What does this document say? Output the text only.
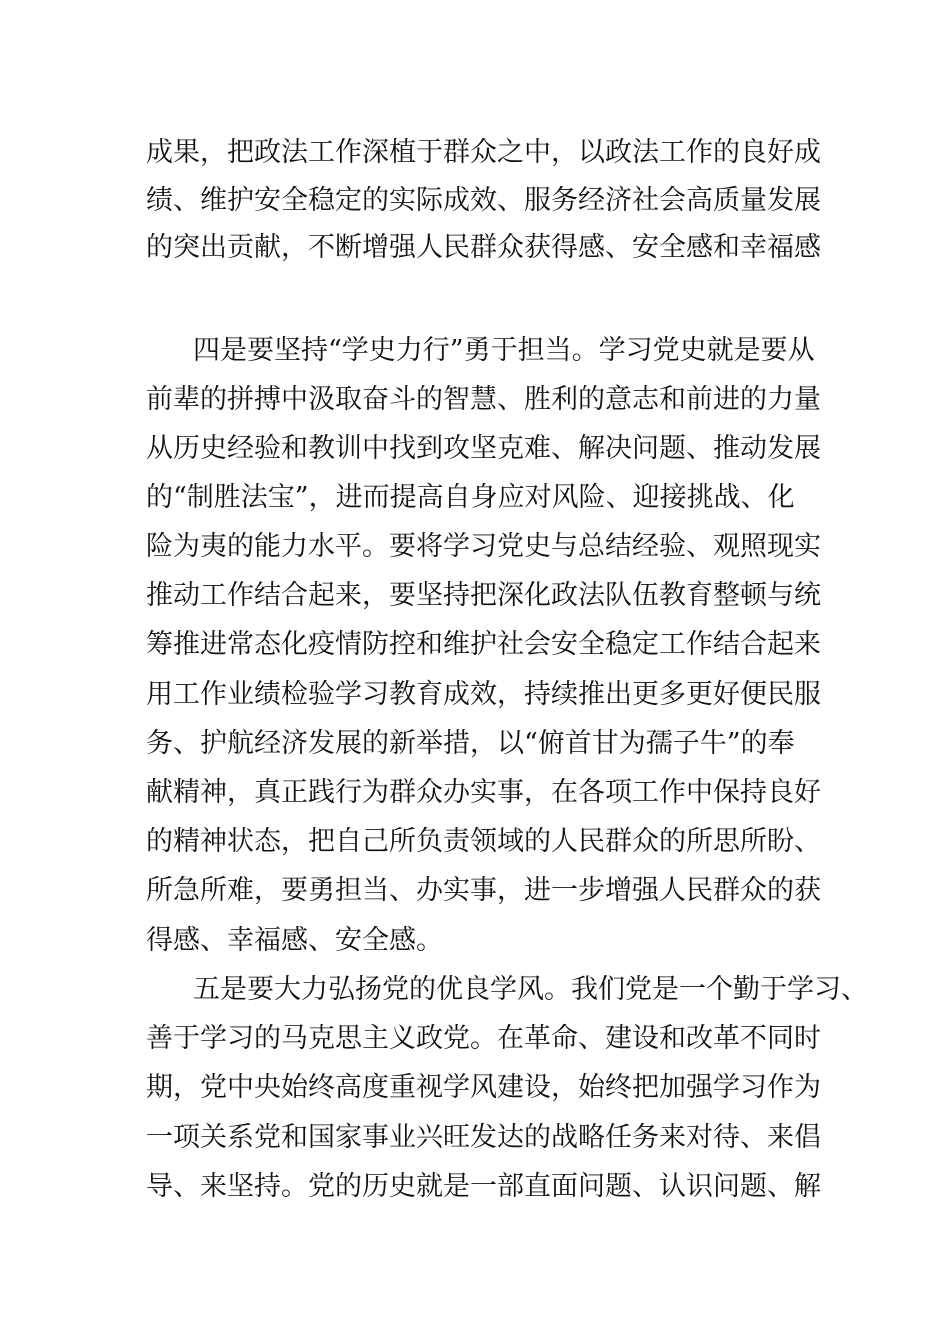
成果，把政法工作深植于群众之中，以政法工作的良好成
绩、维护安全稳定的实际成效、服务经济社会高质量发展
的突出贡献，不断增强人民群众获得感、安全感和幸福感
四是要坚持“学史力行”勇于担当。学习党史就是要从
前辈的拼搏中汲取奋斗的智慧、胜利的意志和前进的力量
从历史经验和教训中找到攻坚克难、解决问题、推动发展
的“制胜法宝”，进而提高自身应对风险、迎接挑战、化
险为夷的能力水平。要将学习党史与总结经验、观照现实
推动工作结合起来，要坚持把深化政法队伍教育整顿与统
筹推进常态化疫情防控和维护社会安全稳定工作结合起来
用工作业绩检验学习教育成效，持续推出更多更好便民服
务、护航经济发展的新举措，以“俯首甘为孺子牛”的奉
献精神，真正践行为群众办实事，在各项工作中保持良好
的精神状态，把自己所负责领域的人民群众的所思所盼、
所急所难，要勇担当、办实事，进一步增强人民群众的获
得感、幸福感、安全感。
五是要大力弘扬党的优良学风。我们党是一个勤于学习、
善于学习的马克思主义政党。在革命、建设和改革不同时
期，党中央始终高度重视学风建设，始终把加强学习作为
一项关系党和国家事业兴旺发达的战略任务来对待、来倡
导、来坚持。党的历史就是一部直面问题、认识问题、解
